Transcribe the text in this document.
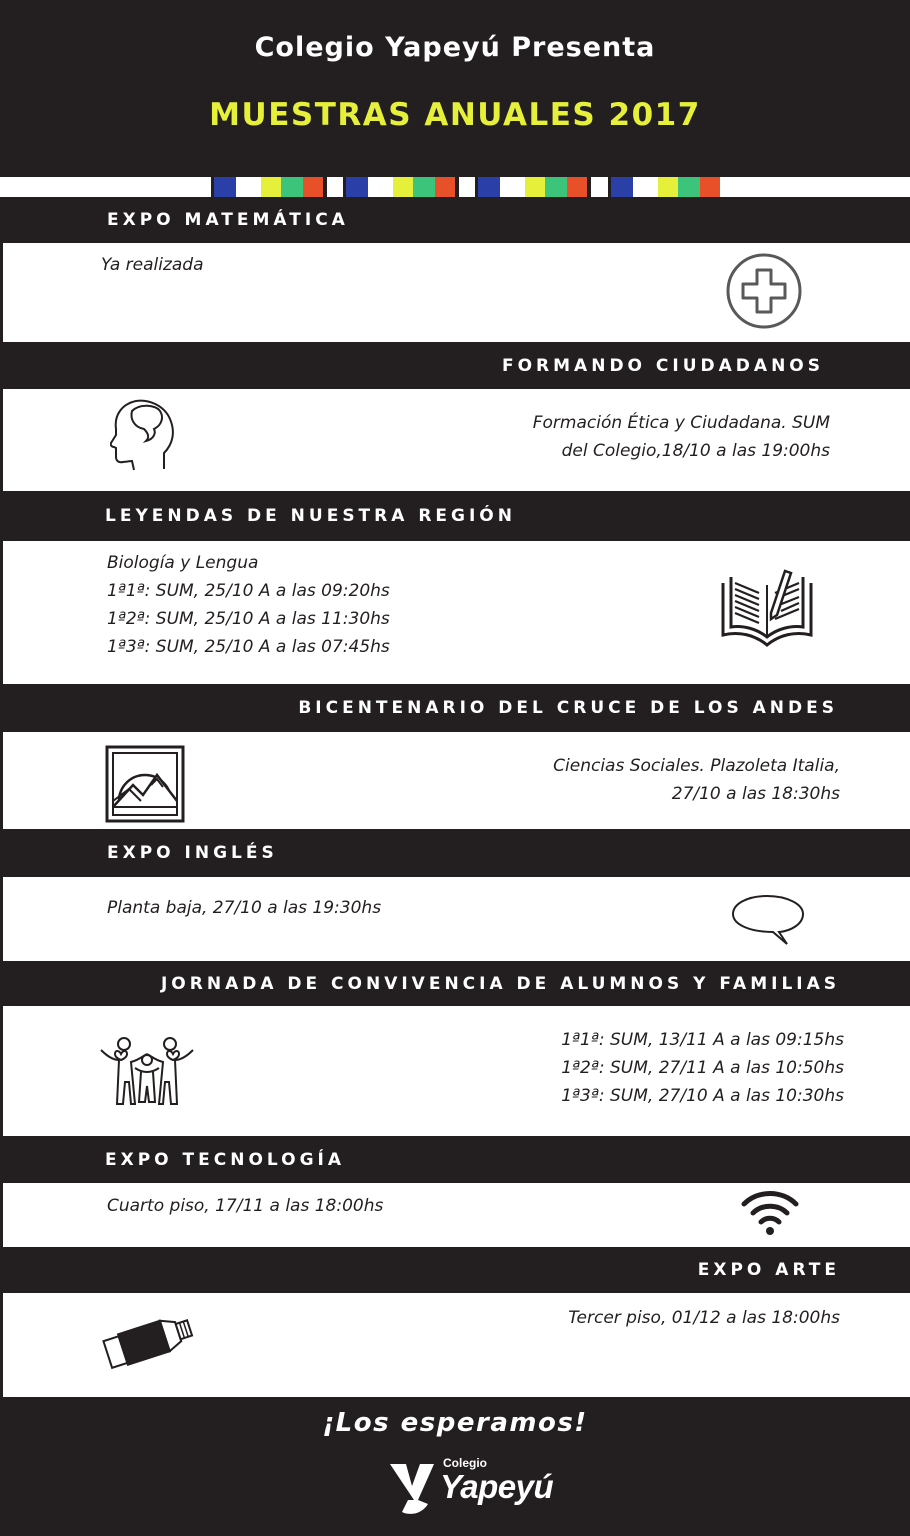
Colegio Yapeyú Presenta
MUESTRAS ANUALES 2017
EXPO MATEMÁTICA
Ya realizada
FORMANDO CIUDADANOS
Formación Ética y Ciudadana. SUM
del Colegio,18/10 a las 19:00hs
LEYENDAS DE NUESTRA REGIÓN
Biología y Lengua
1ª1ª: SUM, 25/10 A a las 09:20hs
1ª2ª: SUM, 25/10 A a las 11:30hs
1ª3ª: SUM, 25/10 A a las 07:45hs
BICENTENARIO DEL CRUCE DE LOS ANDES
Ciencias Sociales. Plazoleta Italia,
27/10 a las 18:30hs
EXPO INGLÉS
Planta baja, 27/10 a las 19:30hs
JORNADA DE CONVIVENCIA DE ALUMNOS Y FAMILIAS
1ª1ª: SUM, 13/11 A a las 09:15hs
1ª2ª: SUM, 27/11 A a las 10:50hs
1ª3ª: SUM, 27/10 A a las 10:30hs
EXPO TECNOLOGÍA
Cuarto piso, 17/11 a las 18:00hs
EXPO ARTE
Tercer piso, 01/12 a las 18:00hs
¡Los esperamos!
Colegio
Yapeyú
